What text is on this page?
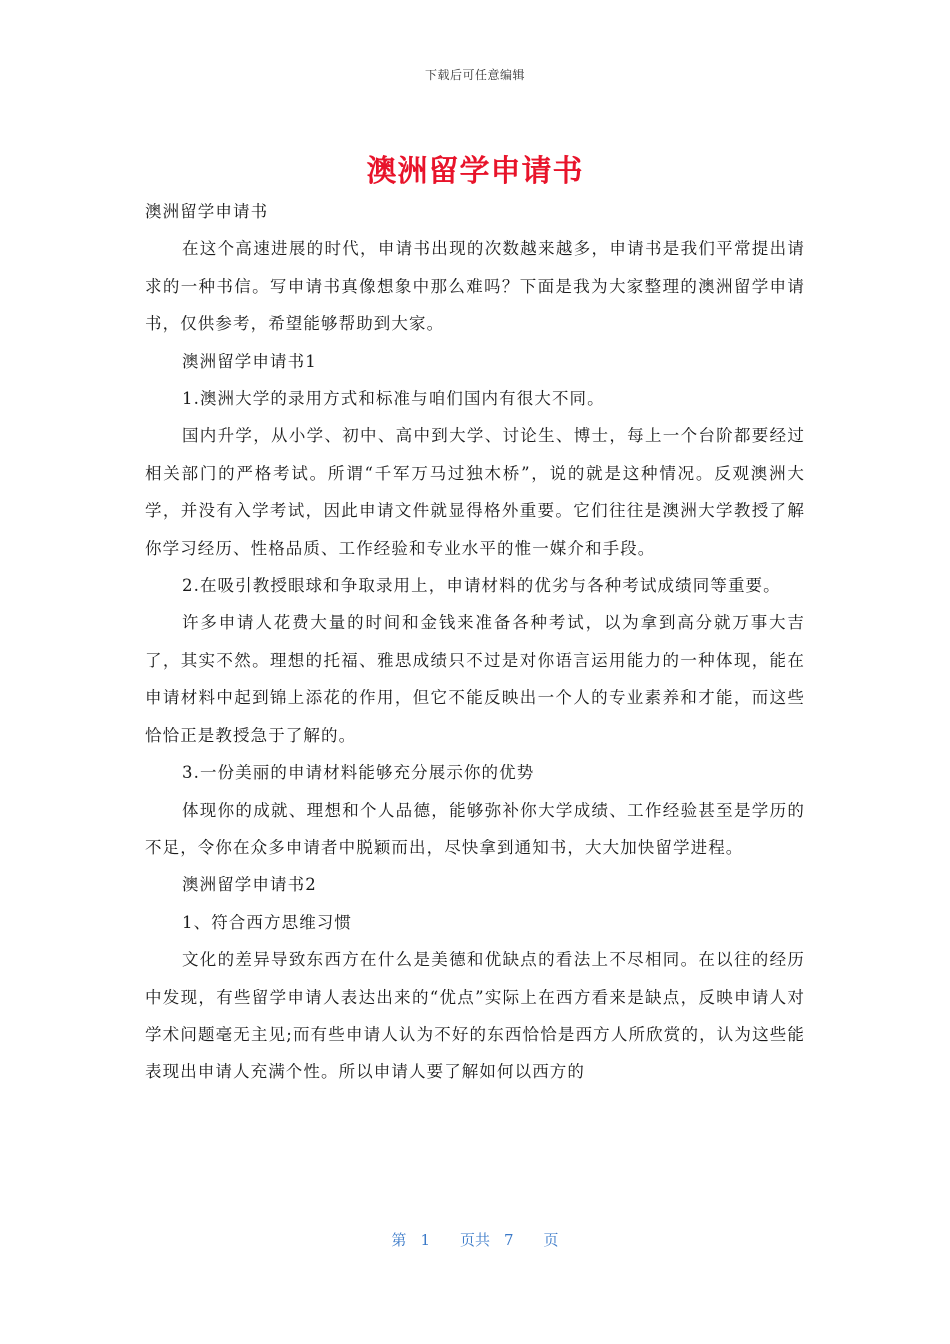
下载后可任意编辑
澳洲留学申请书

澳洲留学申请书

在这个高速进展的时代，申请书出现的次数越来越多，申请书是我们平常提出请求的一种书信。写申请书真像想象中那么难吗？下面是我为大家整理的澳洲留学申请书，仅供参考，希望能够帮助到大家。

澳洲留学申请书1

1.澳洲大学的录用方式和标准与咱们国内有很大不同。

国内升学，从小学、初中、高中到大学、讨论生、博士，每上一个台阶都要经过相关部门的严格考试。所谓“千军万马过独木桥”，说的就是这种情况。反观澳洲大学，并没有入学考试，因此申请文件就显得格外重要。它们往往是澳洲大学教授了解你学习经历、性格品质、工作经验和专业水平的惟一媒介和手段。

2.在吸引教授眼球和争取录用上，申请材料的优劣与各种考试成绩同等重要。

许多申请人花费大量的时间和金钱来准备各种考试，以为拿到高分就万事大吉了，其实不然。理想的托福、雅思成绩只不过是对你语言运用能力的一种体现，能在申请材料中起到锦上添花的作用，但它不能反映出一个人的专业素养和才能，而这些恰恰正是教授急于了解的。

3.一份美丽的申请材料能够充分展示你的优势

体现你的成就、理想和个人品德，能够弥补你大学成绩、工作经验甚至是学历的不足，令你在众多申请者中脱颖而出，尽快拿到通知书，大大加快留学进程。

澳洲留学申请书2

1、符合西方思维习惯

文化的差异导致东西方在什么是美德和优缺点的看法上不尽相同。在以往的经历中发现，有些留学申请人表达出来的“优点”实际上在西方看来是缺点，反映申请人对学术问题毫无主见;而有些申请人认为不好的东西恰恰是西方人所欣赏的，认为这些能表现出申请人充满个性。所以申请人要了解如何以西方的

第 1 页共 7 页
